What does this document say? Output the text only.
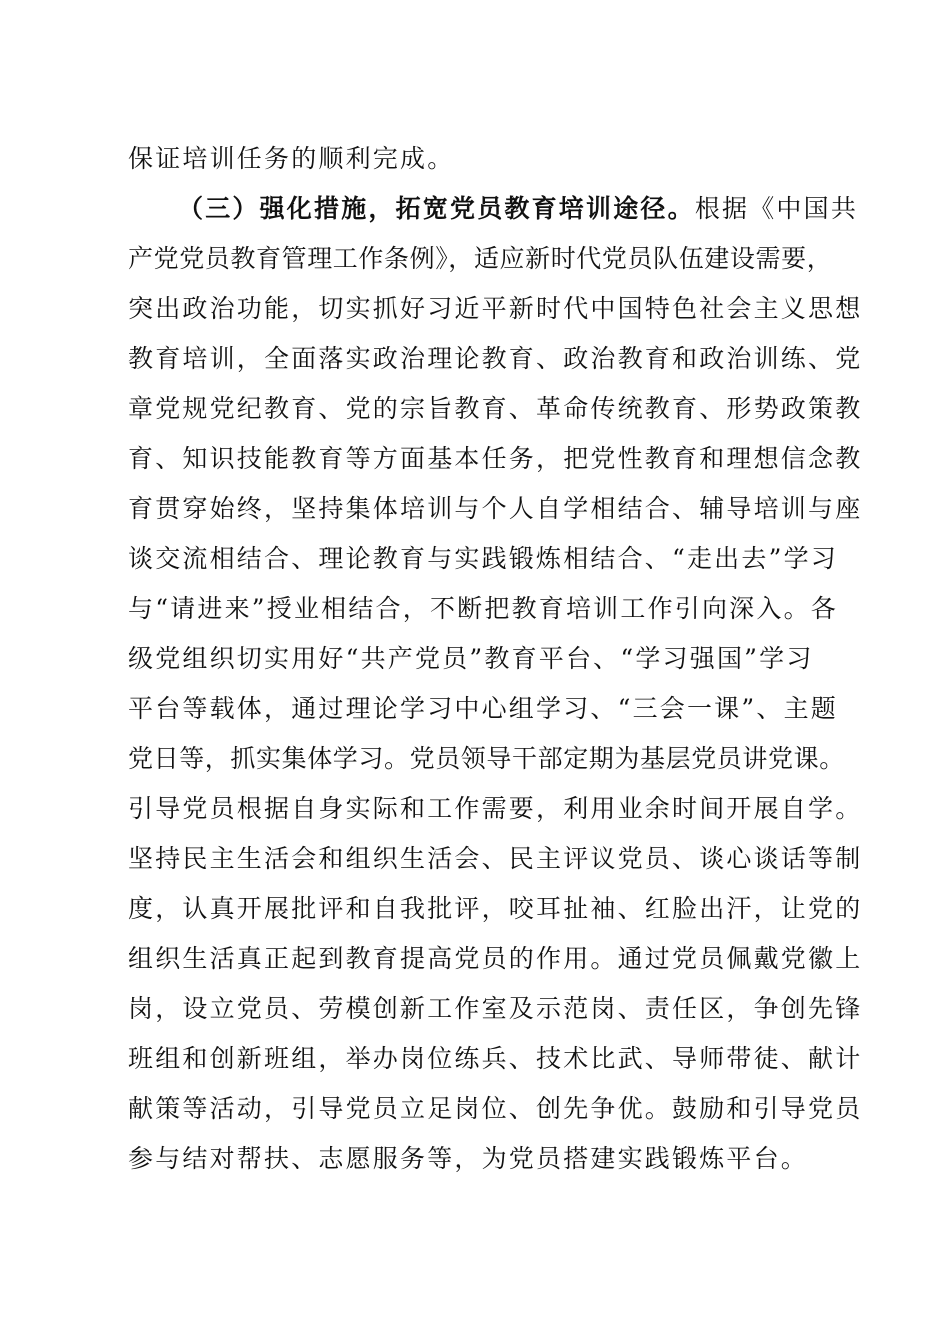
保证培训任务的顺利完成。
（三）强化措施，拓宽党员教育培训途径。根据《中国共
产党党员教育管理工作条例》，适应新时代党员队伍建设需要，
突出政治功能，切实抓好习近平新时代中国特色社会主义思想
教育培训，全面落实政治理论教育、政治教育和政治训练、党
章党规党纪教育、党的宗旨教育、革命传统教育、形势政策教
育、知识技能教育等方面基本任务，把党性教育和理想信念教
育贯穿始终，坚持集体培训与个人自学相结合、辅导培训与座
谈交流相结合、理论教育与实践锻炼相结合、“走出去”学习
与“请进来”授业相结合，不断把教育培训工作引向深入。各
级党组织切实用好“共产党员”教育平台、“学习强国”学习
平台等载体，通过理论学习中心组学习、“三会一课”、主题
党日等，抓实集体学习。党员领导干部定期为基层党员讲党课。
引导党员根据自身实际和工作需要，利用业余时间开展自学。
坚持民主生活会和组织生活会、民主评议党员、谈心谈话等制
度，认真开展批评和自我批评，咬耳扯袖、红脸出汗，让党的
组织生活真正起到教育提高党员的作用。通过党员佩戴党徽上
岗，设立党员、劳模创新工作室及示范岗、责任区，争创先锋
班组和创新班组，举办岗位练兵、技术比武、导师带徒、献计
献策等活动，引导党员立足岗位、创先争优。鼓励和引导党员
参与结对帮扶、志愿服务等，为党员搭建实践锻炼平台。
